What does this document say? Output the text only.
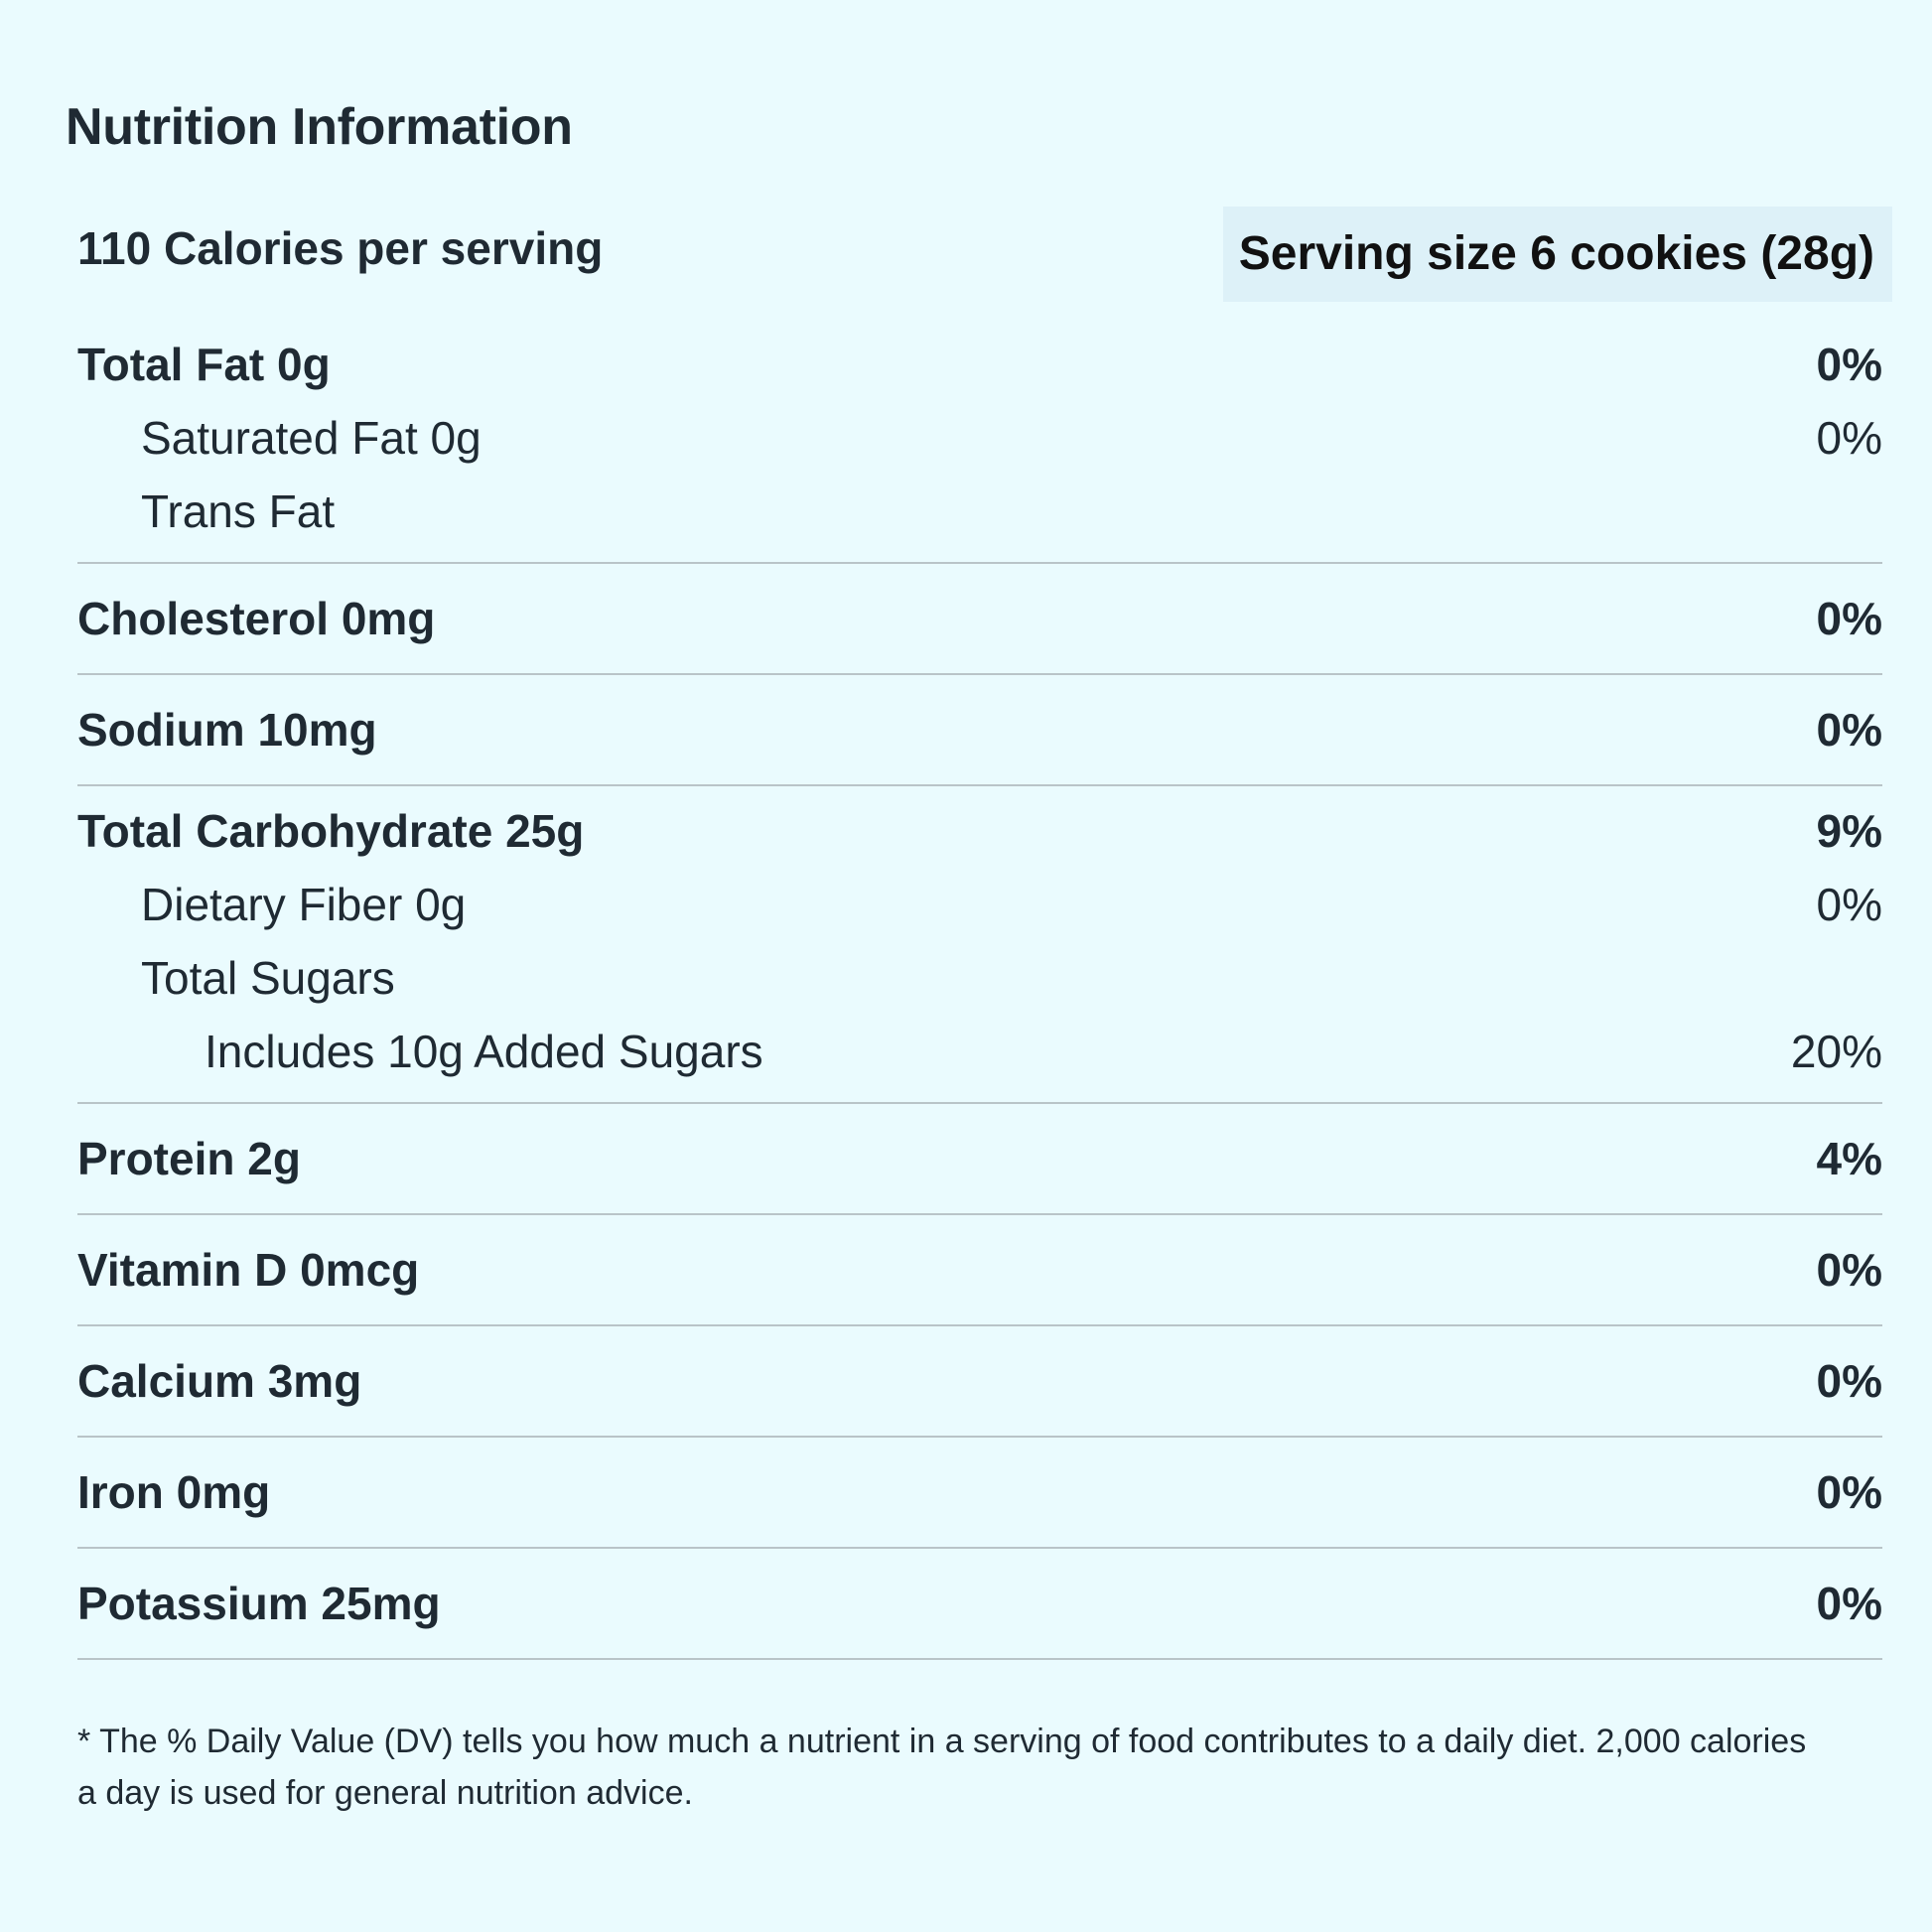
Nutrition Information
110 Calories per serving	Serving size 6 cookies (28g)
Total Fat 0g	0%
Saturated Fat 0g	0%
Trans Fat
Cholesterol 0mg	0%
Sodium 10mg	0%
Total Carbohydrate 25g	9%
Dietary Fiber 0g	0%
Total Sugars
Includes 10g Added Sugars	20%
Protein 2g	4%
Vitamin D 0mcg	0%
Calcium 3mg	0%
Iron 0mg	0%
Potassium 25mg	0%
* The % Daily Value (DV) tells you how much a nutrient in a serving of food contributes to a daily diet. 2,000 calories a day is used for general nutrition advice.
